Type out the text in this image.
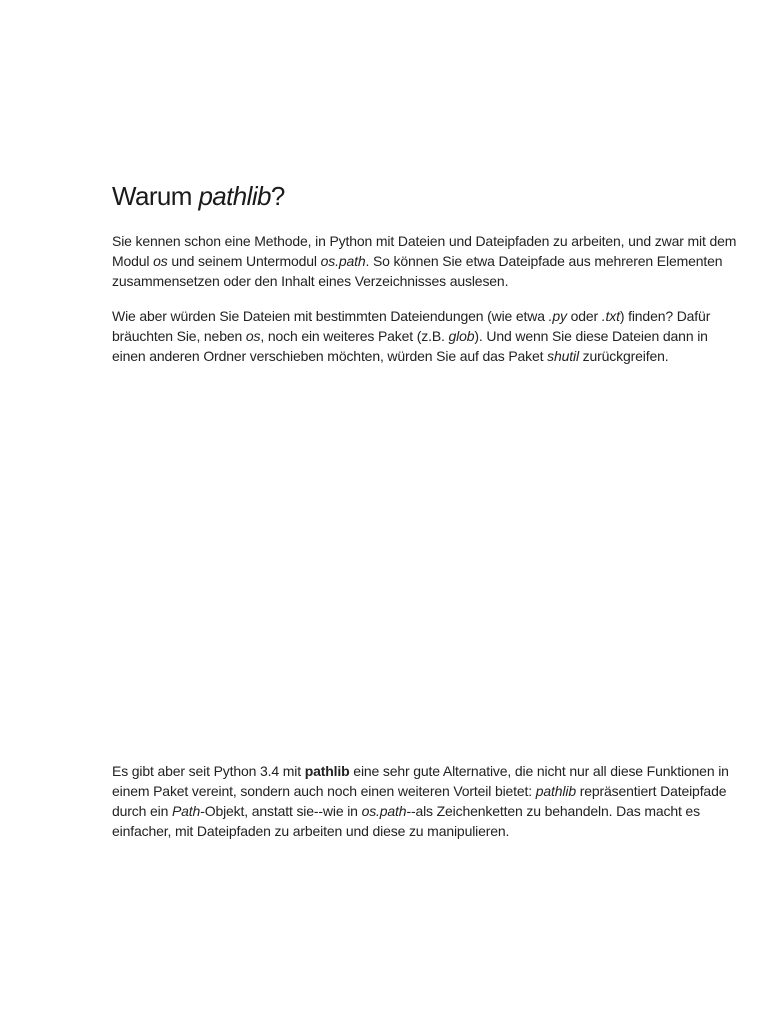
Warum pathlib?

Sie kennen schon eine Methode, in Python mit Dateien und Dateipfaden zu arbeiten, und zwar mit dem Modul os und seinem Untermodul os.path. So können Sie etwa Dateipfade aus mehreren Elementen zusammensetzen oder den Inhalt eines Verzeichnisses auslesen.

Wie aber würden Sie Dateien mit bestimmten Dateiendungen (wie etwa .py oder .txt) finden? Dafür bräuchten Sie, neben os, noch ein weiteres Paket (z.B. glob). Und wenn Sie diese Dateien dann in einen anderen Ordner verschieben möchten, würden Sie auf das Paket shutil zurückgreifen.

Es gibt aber seit Python 3.4 mit pathlib eine sehr gute Alternative, die nicht nur all diese Funktionen in einem Paket vereint, sondern auch noch einen weiteren Vorteil bietet: pathlib repräsentiert Dateipfade durch ein Path-Objekt, anstatt sie--wie in os.path--als Zeichenketten zu behandeln. Das macht es einfacher, mit Dateipfaden zu arbeiten und diese zu manipulieren.
